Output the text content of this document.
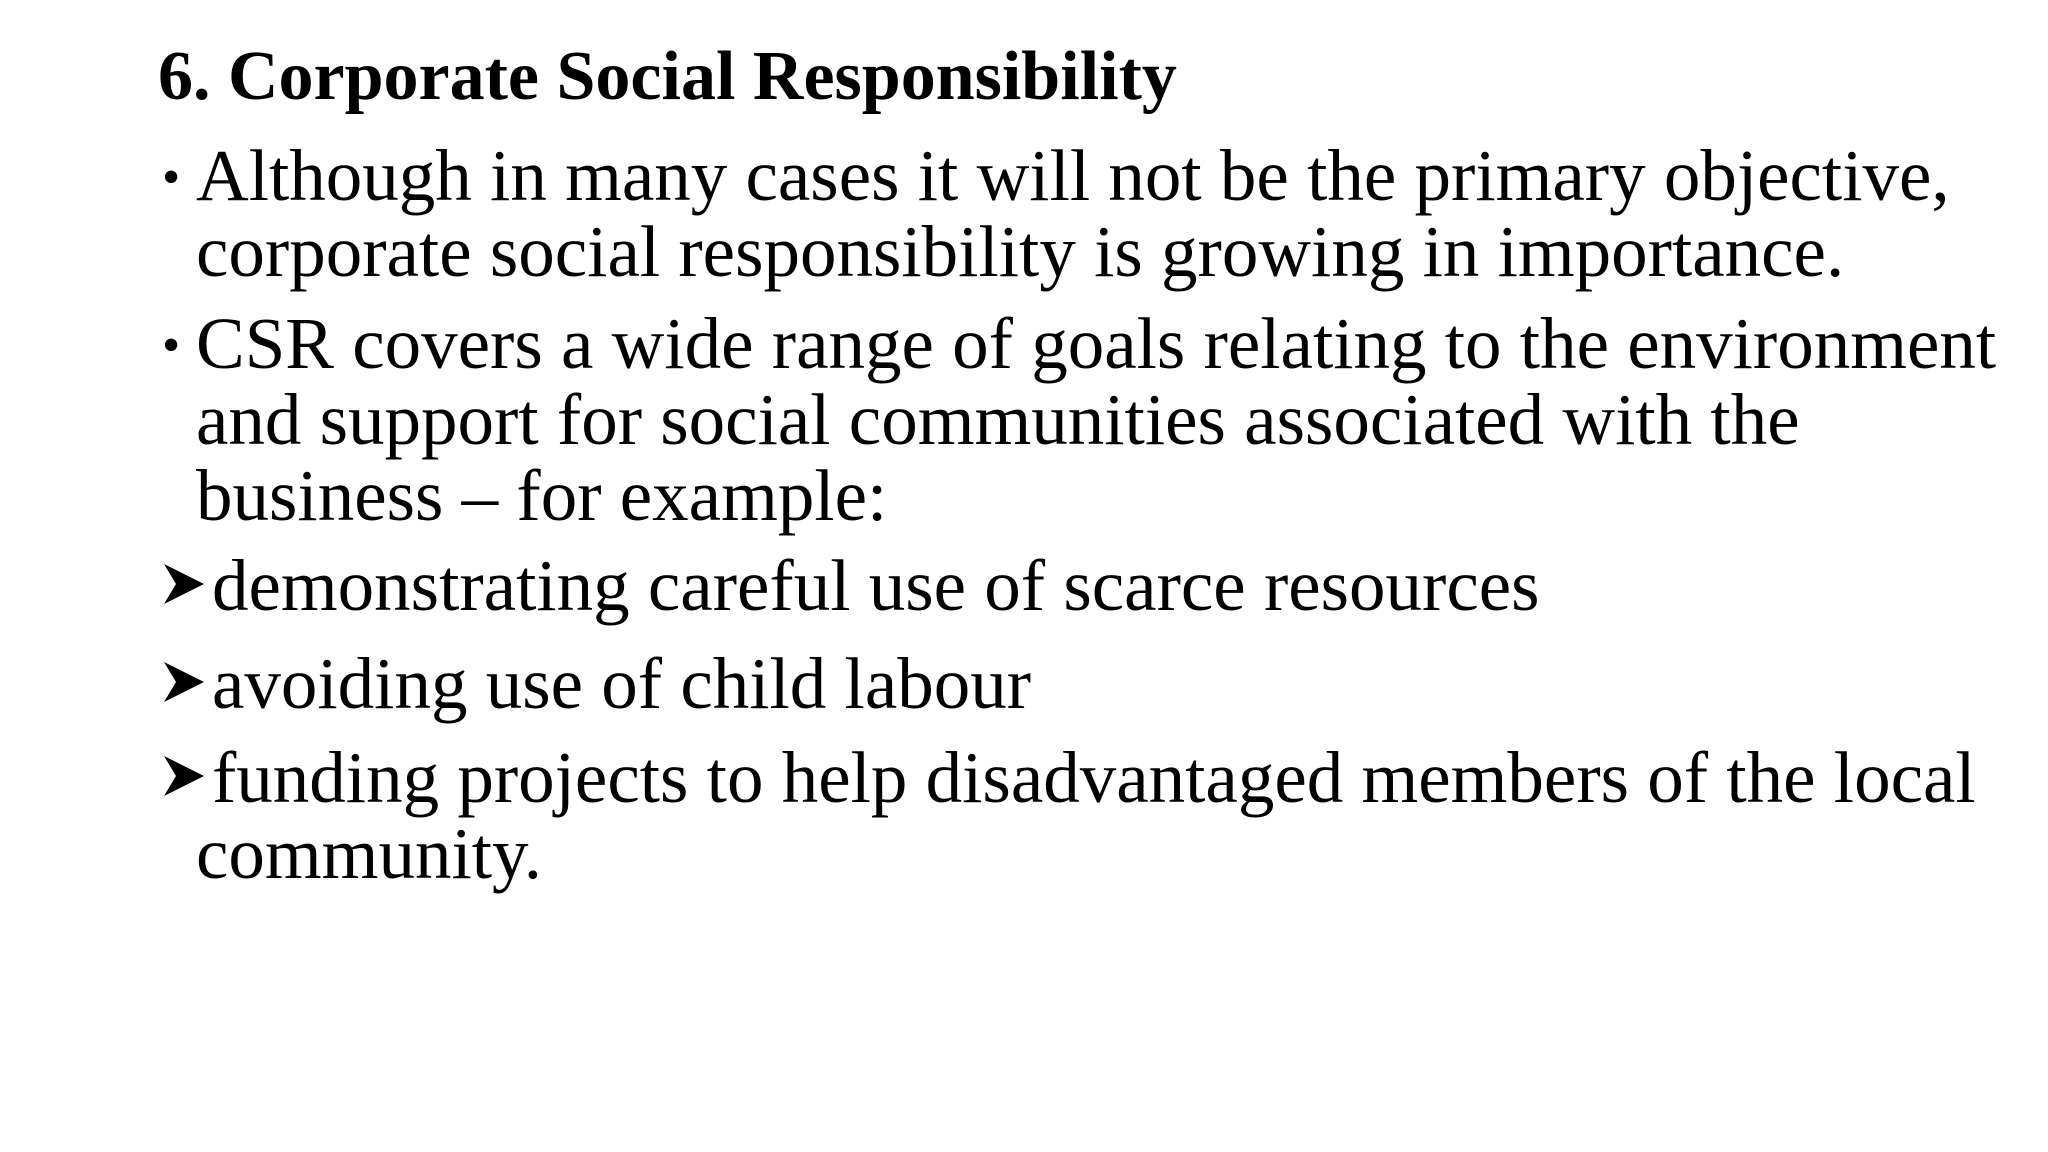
6. Corporate Social Responsibility
• Although in many cases it will not be the primary objective,
corporate social responsibility is growing in importance.
• CSR covers a wide range of goals relating to the environment
and support for social communities associated with the
business – for example:
demonstrating careful use of scarce resources
avoiding use of child labour
funding projects to help disadvantaged members of the local
community.
